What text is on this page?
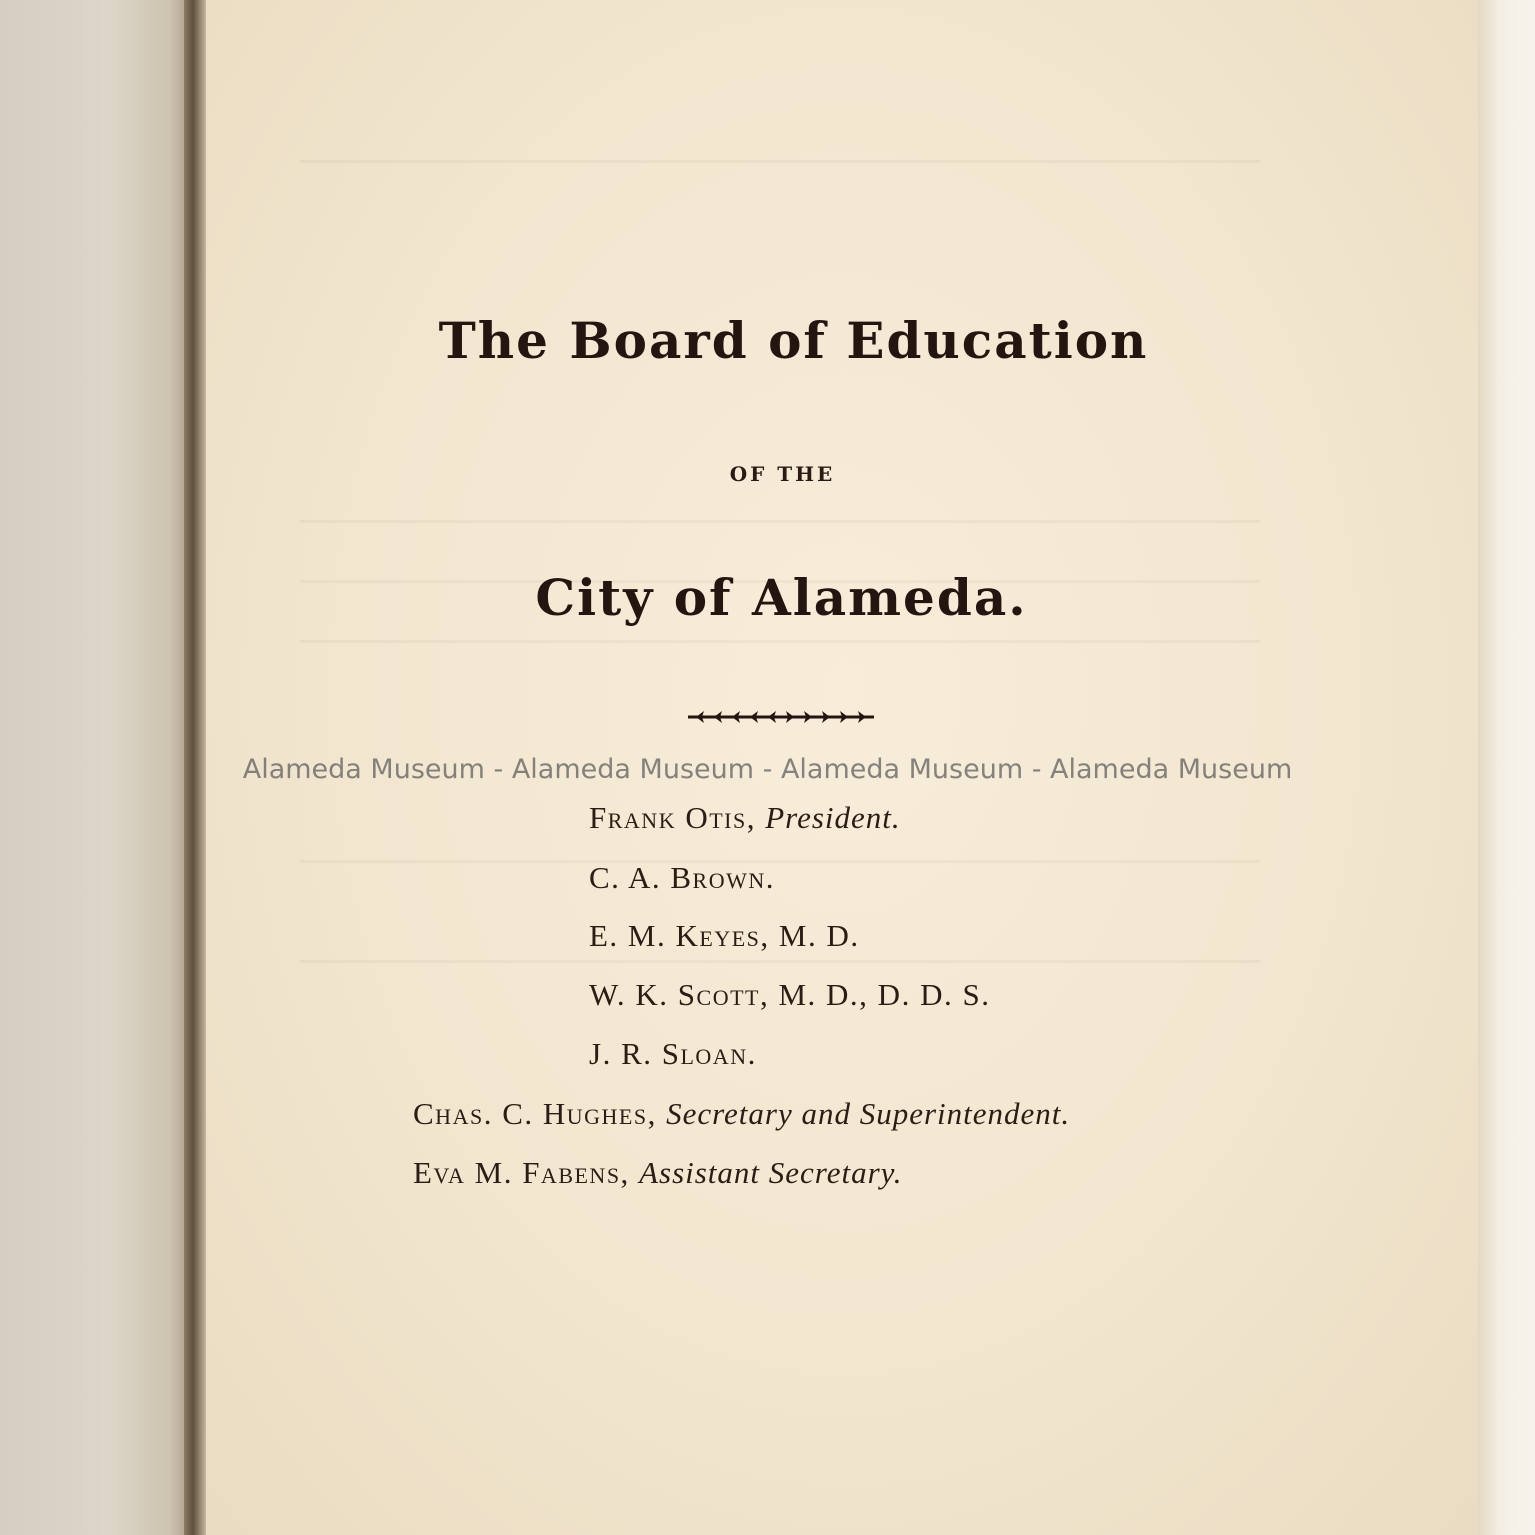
The Board of Education
OF THE
City of Alameda.
Alameda Museum - Alameda Museum - Alameda Museum - Alameda Museum
Frank Otis, President.
C. A. Brown.
E. M. Keyes, M. D.
W. K. Scott, M. D., D. D. S.
J. R. Sloan.
Chas. C. Hughes, Secretary and Superintendent.
Eva M. Fabens, Assistant Secretary.
